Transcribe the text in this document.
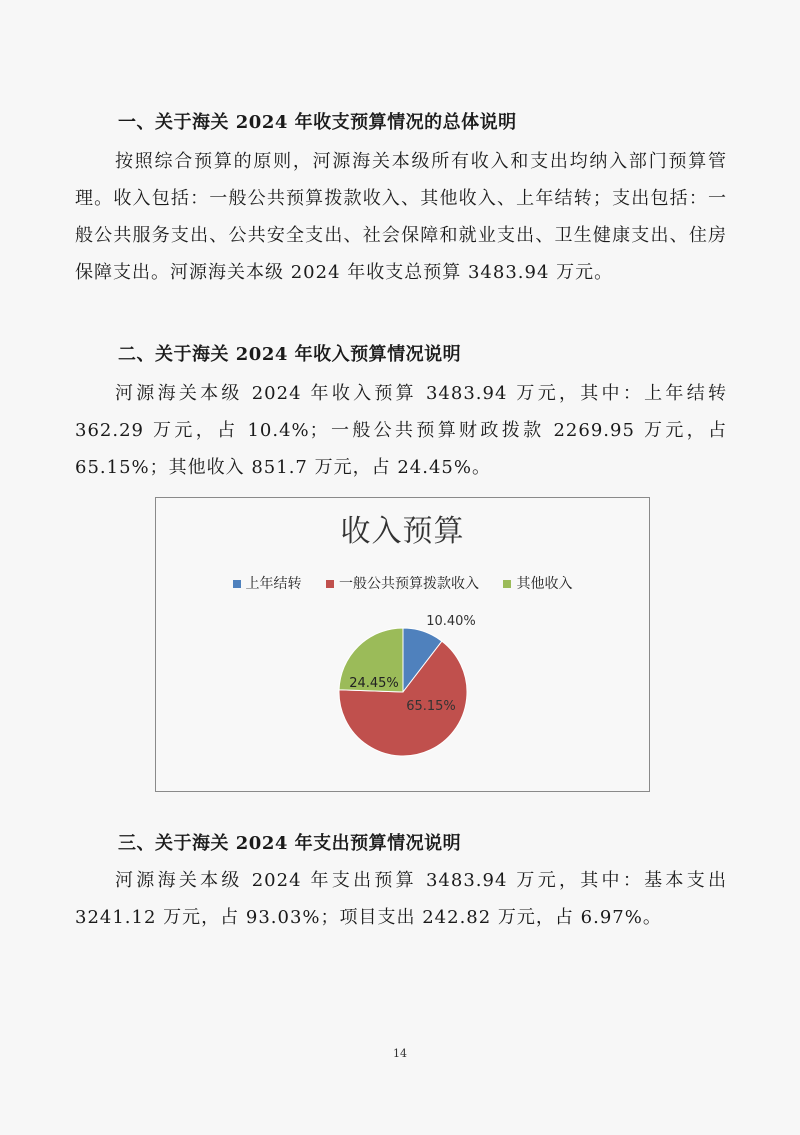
一、关于海关 2024 年收支预算情况的总体说明
按照综合预算的原则，河源海关本级所有收入和支出均纳入部门预算管理。收入包括：一般公共预算拨款收入、其他收入、上年结转；支出包括：一般公共服务支出、公共安全支出、社会保障和就业支出、卫生健康支出、住房保障支出。河源海关本级 2024 年收支总预算 3483.94 万元。
二、关于海关 2024 年收入预算情况说明
河源海关本级 2024 年收入预算 3483.94 万元，其中：上年结转 362.29 万元，占 10.4%；一般公共预算财政拨款 2269.95 万元，占 65.15%；其他收入 851.7 万元，占 24.45%。
收入预算
上年结转	一般公共预算拨款收入	其他收入
10.40%
65.15%
24.45%
三、关于海关 2024 年支出预算情况说明
河源海关本级 2024 年支出预算 3483.94 万元，其中：基本支出 3241.12 万元，占 93.03%；项目支出 242.82 万元，占 6.97%。
14
